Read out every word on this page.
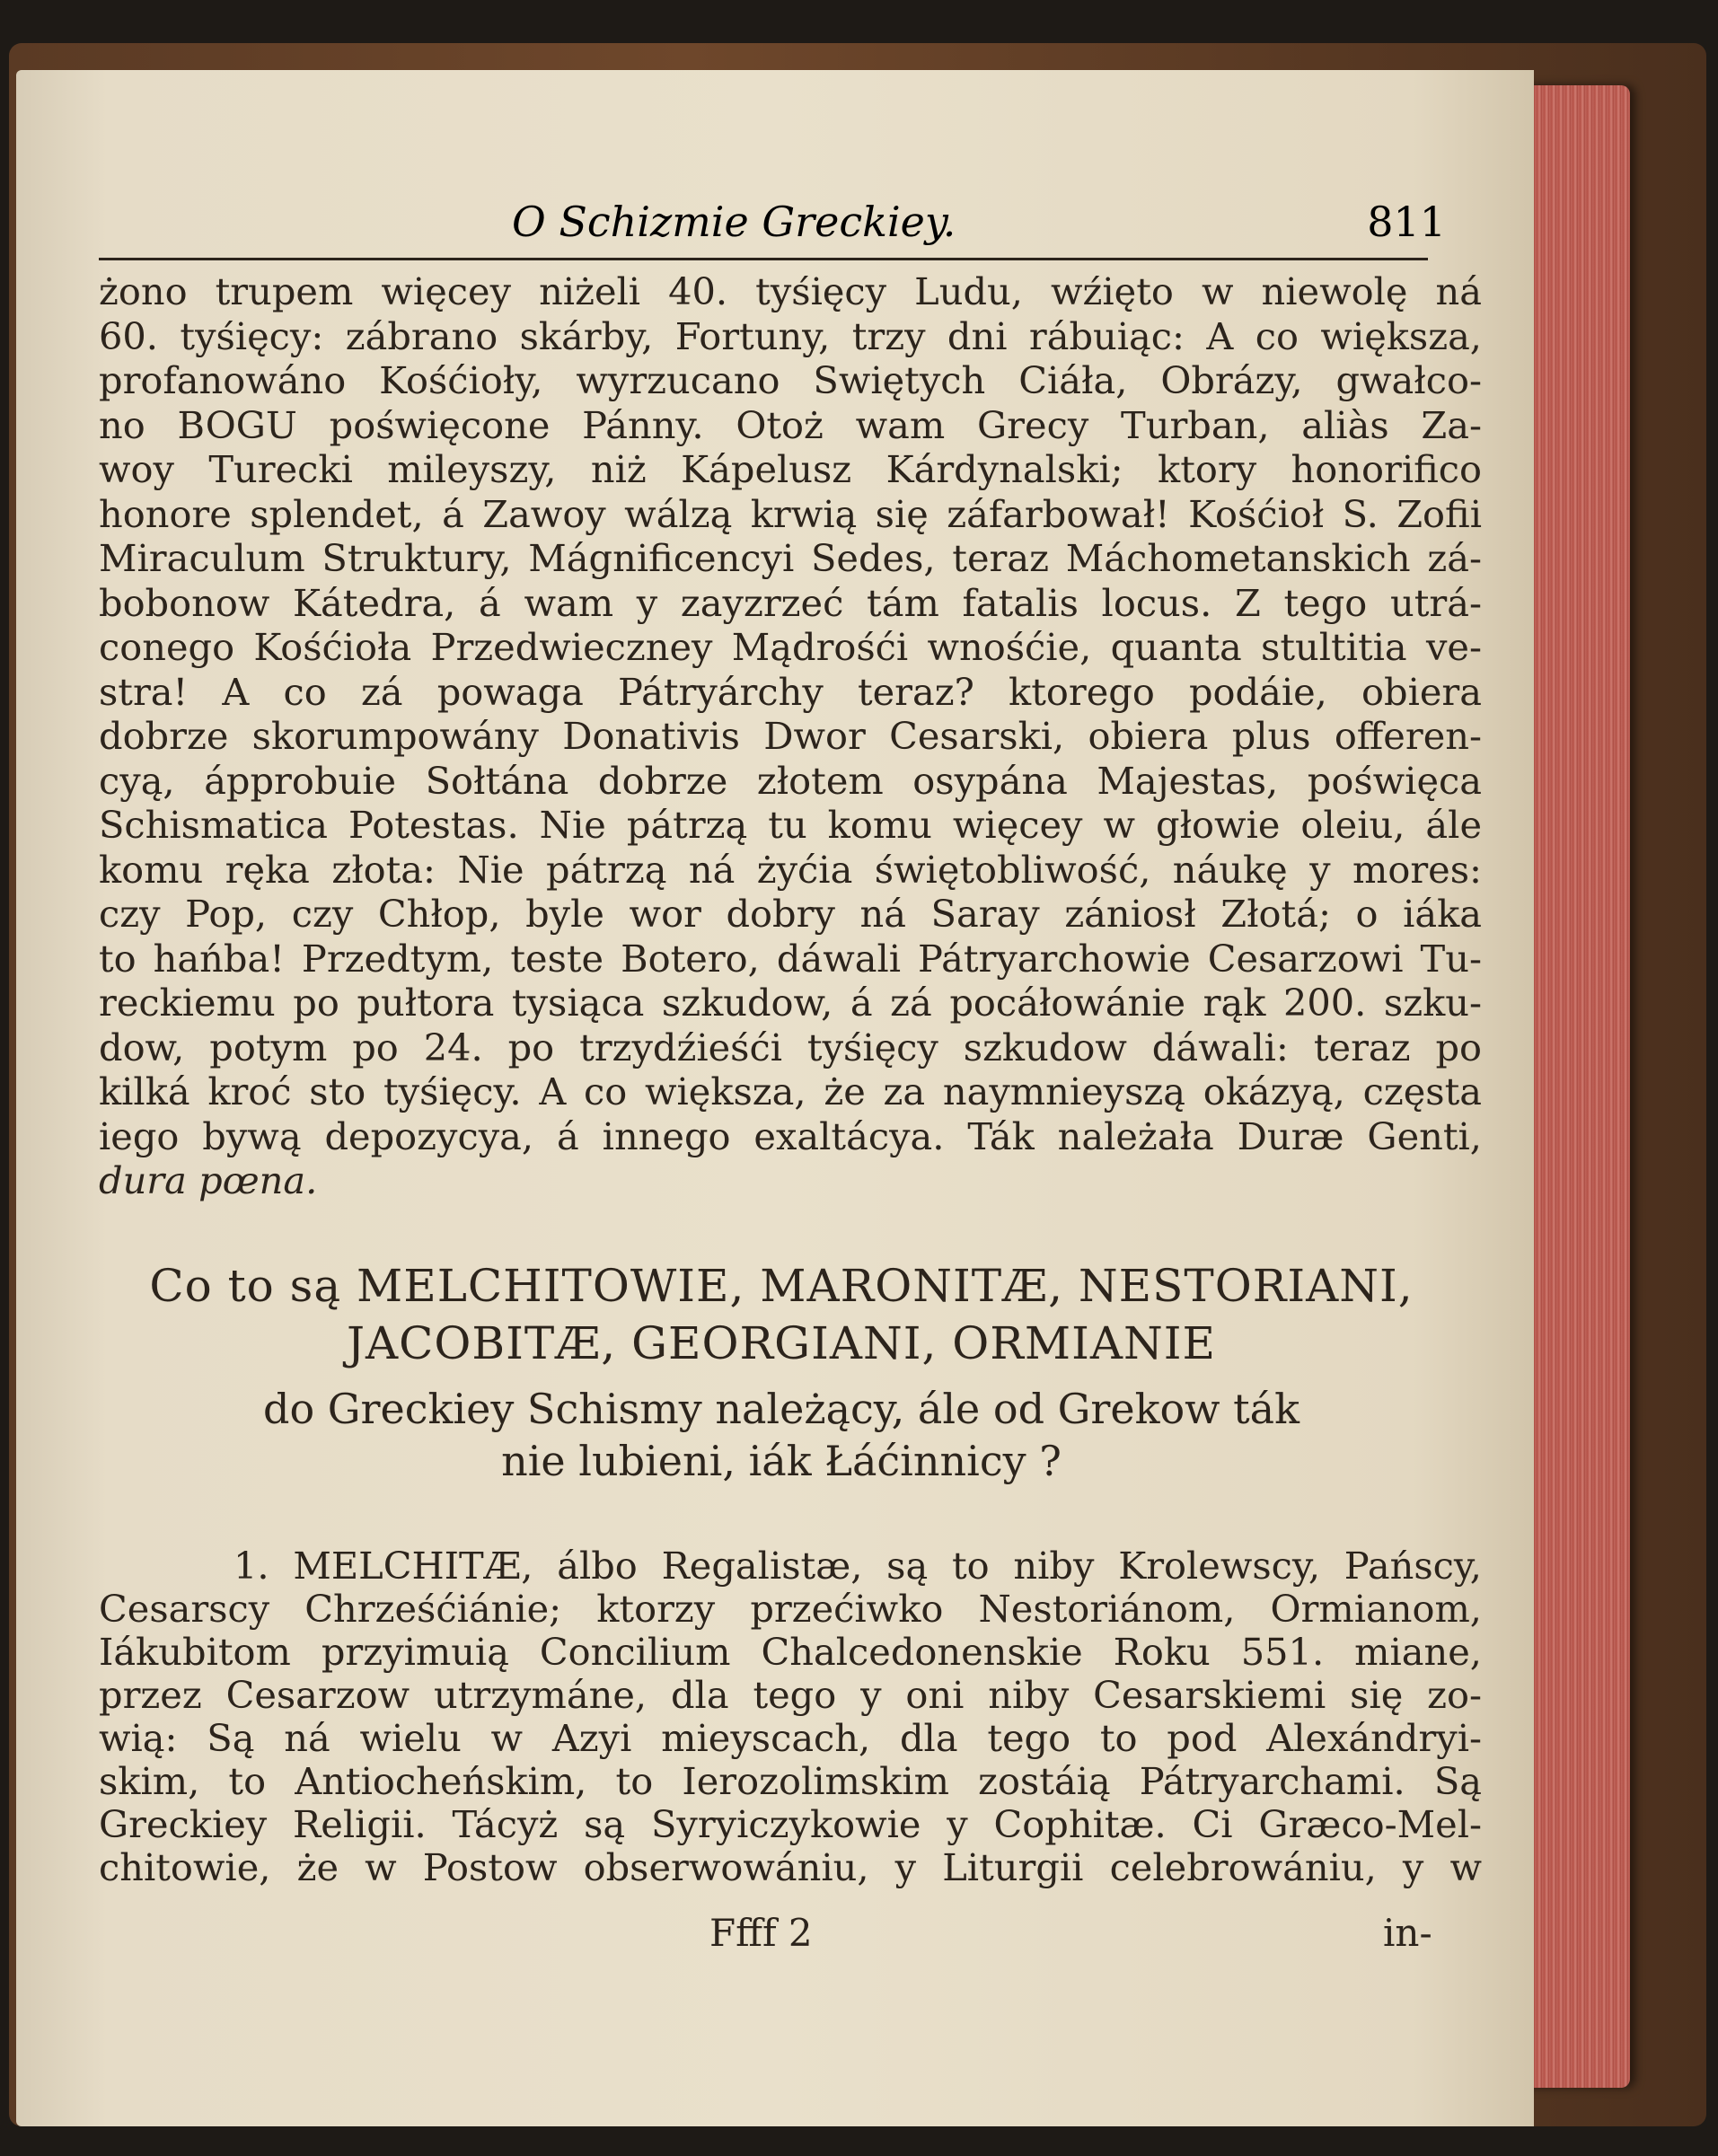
O Schizmie Greckiey.	811
żono trupem więcey niżeli 40. tyśięcy Ludu, wźięto w niewolę ná
60. tyśięcy: zábrano skárby, Fortuny, trzy dni rábuiąc: A co większa,
profanowáno Kośćioły, wyrzucano Swiętych Ciáła, Obrázy, gwałco-
no BOGU poświęcone Pánny. Otoż wam Grecy Turban, aliàs Za-
woy Turecki mileyszy, niż Kápelusz Kárdynalski; ktory honorifico
honore splendet, á Zawoy wálzą krwią się záfarbował! Kośćioł S. Zofii
Miraculum Struktury, Mágnificencyi Sedes, teraz Máchometanskich zá-
bobonow Kátedra, á wam y zayzrzeć tám fatalis locus. Z tego utrá-
conego Kośćioła Przedwieczney Mądrośći wnośćie, quanta stultitia ve-
stra! A co zá powaga Pátryárchy teraz? ktorego podáie, obiera
dobrze skorumpowány Donativis Dwor Cesarski, obiera plus offeren-
cyą, ápprobuie Sołtána dobrze złotem osypána Majestas, poświęca
Schismatica Potestas. Nie pátrzą tu komu więcey w głowie oleiu, ále
komu ręka złota: Nie pátrzą ná żyćia świętobliwość, náukę y mores:
czy Pop, czy Chłop, byle wor dobry ná Saray zániosł Złotá; o iáka
to hańba! Przedtym, teste Botero, dáwali Pátryarchowie Cesarzowi Tu-
reckiemu po pułtora tysiąca szkudow, á zá pocáłowánie rąk 200. szku-
dow, potym po 24. po trzydźieśći tyśięcy szkudow dáwali: teraz po
kilká kroć sto tyśięcy. A co większa, że za naymnieyszą okázyą, częsta
iego bywą depozycya, á innego exaltácya. Ták należała Duræ Genti,
dura pœna.
Co to są MELCHITOWIE, MARONITÆ, NESTORIANI,
JACOBITÆ, GEORGIANI, ORMIANIE
do Greckiey Schismy należący, ále od Grekow ták
nie lubieni, iák Łáćinnicy ?
1. MELCHITÆ, álbo Regalistæ, są to niby Krolewscy, Pańscy,
Cesarscy Chrześćiánie; ktorzy przećiwko Nestoriánom, Ormianom,
Iákubitom przyimuią Concilium Chalcedonenskie Roku 551. miane,
przez Cesarzow utrzymáne, dla tego y oni niby Cesarskiemi się zo-
wią: Są ná wielu w Azyi mieyscach, dla tego to pod Alexándryi-
skim, to Antiocheńskim, to Ierozolimskim zostáią Pátryarchami. Są
Greckiey Religii. Tácyż są Syryiczykowie y Cophitæ. Ci Græco-Mel-
chitowie, że w Postow obserwowániu, y Liturgii celebrowániu, y w
Ffff 2	in-
